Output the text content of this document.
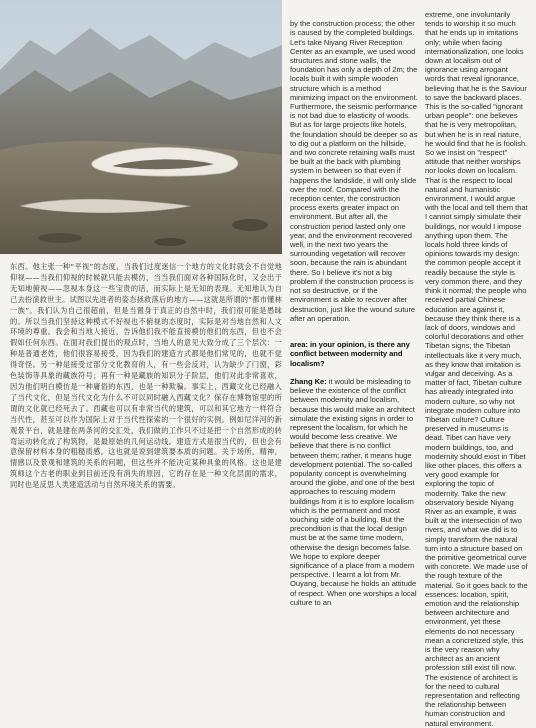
东西。他主张一种“平视”的态度，当我们过度迷信一个地方的文化时就会不自觉地仰视——当我们仰视的时候就只能去模仿，当当我们面对各种国际化时，又会出于无知地俯视——忽视本身这一些宝贵的话，而实际上是无知的表现。无知地认为自己去扮演救世主。试图以先进者的姿态拯救落后的地方——这就是所谓的“都市懂林一族”。我们认为自己很超前，但是当置身于真正的自然中时，我们很可能是愚昧的。所以当我们坚持这种模式不好视也不俯视的态度时，实际是对当地自然和人文环境的尊重。我会和当地人接近，告诉他们我不能直接模仿他们的东西，但也不会假如任何东西。在面对我们提出的观点时，当地人的意见大致分成了三个层次：一种是普通老姓，他们很容易接受，因为我们的建造方式都是他们常见的，也就不觉得奇怪。另一种是接受过部分文化教育的人，有一些会反对，认为缺少了门窗，彩色装饰等具象的藏族符号；再有一种是藏族的知识分子阶层，他们对此非常喜欢，因为他们明白模仿是一种庸俗的东西，也是一种欺骗。事实上，西藏文化已经融入了当代文化，但是当代文化为什么不可以同时融入西藏文化？保存在博物馆里的所谓的文化就已经死去了。西藏也可以有非常当代的建筑，可以和其它地方一样符合当代性，甚至可以作为国际上对于当代性探索的一个很好的实例。例如尼洋河的新观景平台，就是建在两条河的交汇处，我们做的工作只不过是把一个自然形成的转弯运动转化成了构筑物，是最原始的几何运动线。建造方式是很当代的，但也会有意保留材料本身的粗糙质感。这也就是说到建筑要本质的问题。关于场所，精神，情感以及景观和建筑的关系的问题，但这些并不能决定某种具象的风格。这也是建筑师这个古老的职业到目前还没有消失的原因，它的存在是一种文化层面的需求，同时也是反思人类建造活动与自然环境关系的需要。

by the construction process; the other is caused by the completed buildings. Let's take Niyang River Reception Center as an example, we used wood structures and stone walls, the foundation has only a depth of 2m; the locals built it with simple wooden structure which is a method minimizing impact on the environment. Furthermore, the seismic performance is not bad due to elasticity of woods. But as for large projects like hotels, the foundation should be deeper so as to dig out a platform on the hillside, and two concrete retaining walls must be built at the back with plumbing system in between so that even if happens the landslide, it will only slide over the roof. Compared with the reception center, the construction process exerts greater impact on environment. But after all, the construction period lasted only one year, and the environment recovered well, in the next two years the surrounding vegetation will recover soon, because the rain is abundant there. So I believe it's not a big problem if the construction process is not so destructive, or if the environment is able to recover after destruction, just like the wound suture after an operation.

area: in your opinion, is there any conflict between modernity and localism?

Zhang Ke: it would be misleading to believe the existence of the conflict between modernity and localism, because this would make an architect simulate the existing signs in order to represent the localism, for which he would become less creative. We believe that there is no conflict between them; rather, it means huge development potential. The so-called popularity concept is overwhelming around the globe, and one of the best approaches to rescuing modern buildings from it is to explore localism which is the permanent and most touching side of a building. But the precondition is that the local design must be at the same time modern, otherwise the design becomes false. We hope to explore deeper significance of a place from a modern perspective. I learnt a lot from Mr. Ouyang, because he holds an attitude of respect. When one worships a local culture to an

extreme, one involuntarily tends to worship it so much that he ends up in imitations only; while when facing internationalization, one looks down at localism out of ignorance using arrogant words that reveal ignorance, believing that he is the Saviour to save the backward places. This is the so-called "ignorant urban people": one believes that he is very metropolitan, but when he is in real nature, he would find that he is foolish. So we insist on "respect" attitude that neither worships nor looks down on localism. That is the respect to local natural and humanistic environment. I would argue with the local and tell them that I cannot simply simulate their buildings, nor would I impose anything upon them. The locals hold three kinds of opinions towards my design: the common people accept it readily because the style is very common there, and they think it normal; the people who received partial Chinese education are against it, because they think there is a lack of doors, windows and colorful decorations and other Tibetan signs; the Tibetan intellectuals like it very much, as they know that imitation is vulgar and deceiving. As a matter of fact, Tibetan culture has already integrated into modern culture, so why not integrate modern culture into Tibetan culture? Culture preserved in museums is dead. Tibet can have very modern buildings, too, and modernity should exist in Tibet like other places, this offers a very good example for exploring the topic of modernity. Take the new observatory beside Niyang River as an example, it was built at the intersection of two rivers, and what we did is to simply transform the natural turn into a structure based on the primitive geometrical curve with concrete. We made use of the rough texture of the material. So it goes back to the essences: location, spirit, emotion and the relationship between architecture and environment, yet these elements do not necessary mean a concretized style, this is the very reason why architect as an ancient profession still exist till now. The existence of architect is for the need to cultural representation and reflecting the relationship between human construction and natural environment.
